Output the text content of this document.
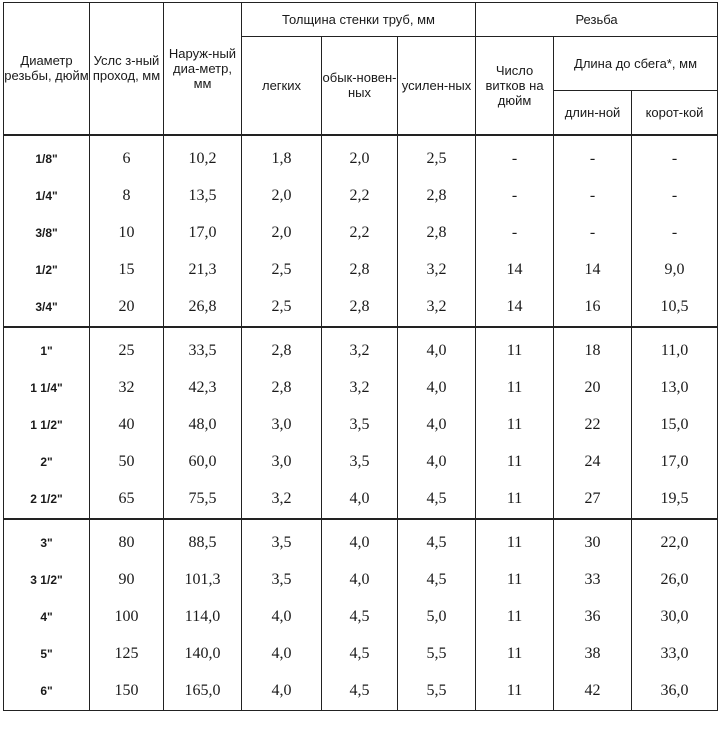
Диаметр резьбы, дюйм	Услс з-ный проход, мм	Наруж-ный диа-метр, мм	Толщина стенки труб, мм			Резьба		
			легких	обык-новен-ных	усилен-ных	Число витков на дюйм	Длина до сбега*, мм	
							длин-ной	корот-кой
1/8"	6	10,2	1,8	2,0	2,5	-	-	-
1/4"	8	13,5	2,0	2,2	2,8	-	-	-
3/8"	10	17,0	2,0	2,2	2,8	-	-	-
1/2"	15	21,3	2,5	2,8	3,2	14	14	9,0
3/4"	20	26,8	2,5	2,8	3,2	14	16	10,5
1"	25	33,5	2,8	3,2	4,0	11	18	11,0
1 1/4"	32	42,3	2,8	3,2	4,0	11	20	13,0
1 1/2"	40	48,0	3,0	3,5	4,0	11	22	15,0
2"	50	60,0	3,0	3,5	4,0	11	24	17,0
2 1/2"	65	75,5	3,2	4,0	4,5	11	27	19,5
3"	80	88,5	3,5	4,0	4,5	11	30	22,0
3 1/2"	90	101,3	3,5	4,0	4,5	11	33	26,0
4"	100	114,0	4,0	4,5	5,0	11	36	30,0
5"	125	140,0	4,0	4,5	5,5	11	38	33,0
6"	150	165,0	4,0	4,5	5,5	11	42	36,0
